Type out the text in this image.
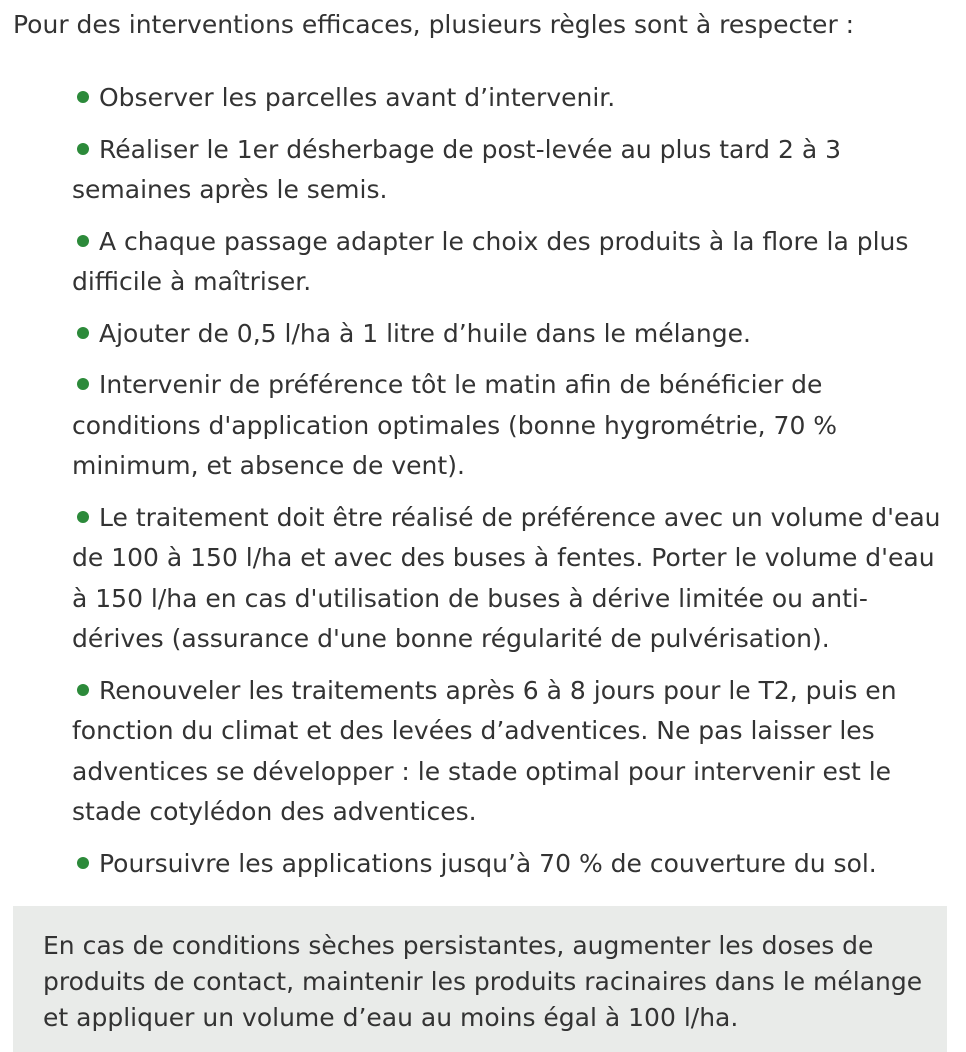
Pour des interventions efficaces, plusieurs règles sont à respecter :

Observer les parcelles avant d’intervenir.
Réaliser le 1er désherbage de post-levée au plus tard 2 à 3 semaines après le semis.
A chaque passage adapter le choix des produits à la flore la plus difficile à maîtriser.
Ajouter de 0,5 l/ha à 1 litre d’huile dans le mélange.
Intervenir de préférence tôt le matin afin de bénéficier de conditions d'application optimales (bonne hygrométrie, 70 % minimum, et absence de vent).
Le traitement doit être réalisé de préférence avec un volume d'eau de 100 à 150 l/ha et avec des buses à fentes. Porter le volume d'eau à 150 l/ha en cas d'utilisation de buses à dérive limitée ou anti-dérives (assurance d'une bonne régularité de pulvérisation).
Renouveler les traitements après 6 à 8 jours pour le T2, puis en fonction du climat et des levées d’adventices. Ne pas laisser les adventices se développer : le stade optimal pour intervenir est le stade cotylédon des adventices.
Poursuivre les applications jusqu’à 70 % de couverture du sol.

En cas de conditions sèches persistantes, augmenter les doses de produits de contact, maintenir les produits racinaires dans le mélange et appliquer un volume d’eau au moins égal à 100 l/ha.
